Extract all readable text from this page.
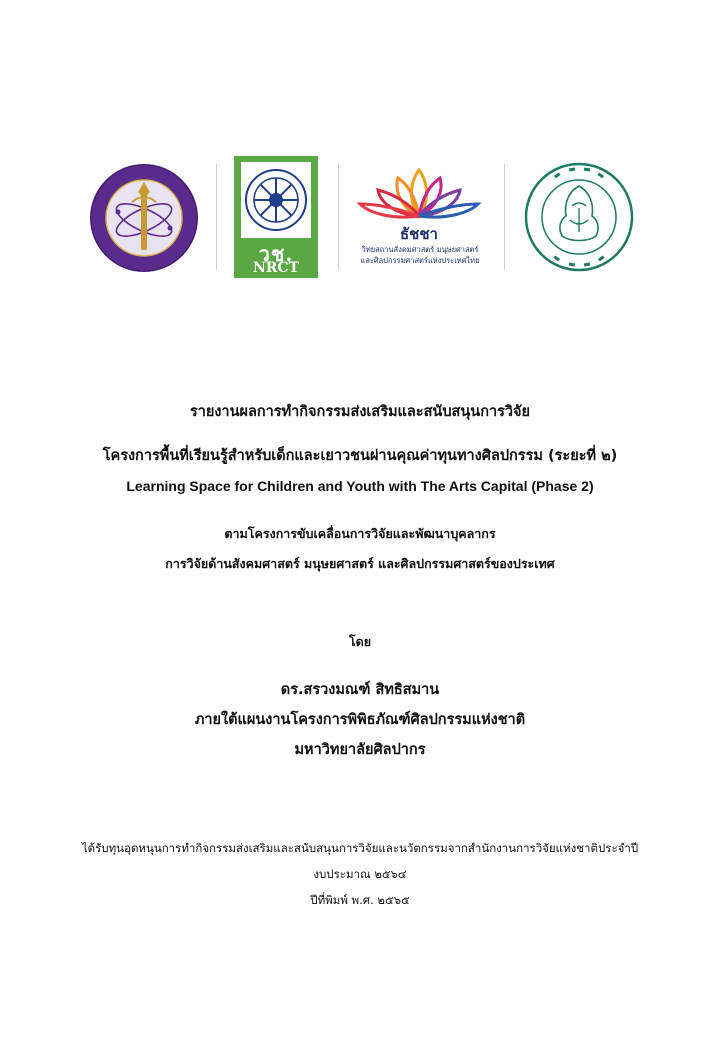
วช.
NRCT
ธัชชา
วิทยสถานสังคมศาสตร์ มนุษยศาสตร์
และศิลปกรรมศาสตร์แห่งประเทศไทย
รายงานผลการทำกิจกรรมส่งเสริมและสนับสนุนการวิจัย
โครงการพื้นที่เรียนรู้สำหรับเด็กและเยาวชนผ่านคุณค่าทุนทางศิลปกรรม (ระยะที่ ๒)
Learning Space for Children and Youth with The Arts Capital (Phase 2)
ตามโครงการขับเคลื่อนการวิจัยและพัฒนาบุคลากร
การวิจัยด้านสังคมศาสตร์ มนุษยศาสตร์ และศิลปกรรมศาสตร์ของประเทศ
โดย
ดร.สรวงมณฑ์ สิทธิสมาน
ภายใต้แผนงานโครงการพิพิธภัณฑ์ศิลปกรรมแห่งชาติ
มหาวิทยาลัยศิลปากร
ได้รับทุนอุดหนุนการทำกิจกรรมส่งเสริมและสนับสนุนการวิจัยและนวัตกรรมจากสำนักงานการวิจัยแห่งชาติประจำปี
งบประมาณ ๒๕๖๔
ปีที่พิมพ์ พ.ศ. ๒๕๖๕
